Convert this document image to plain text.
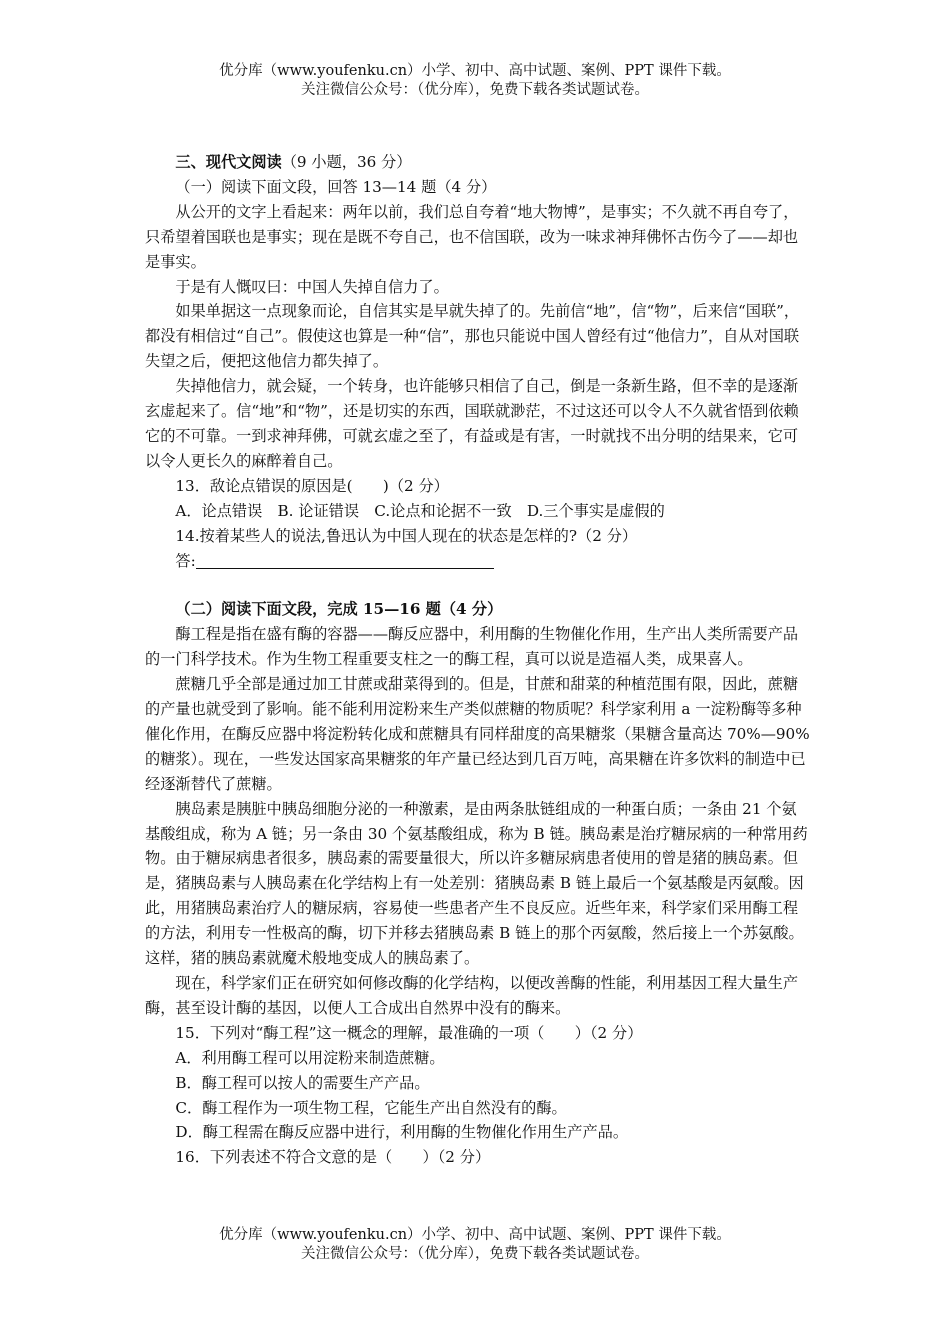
优分库（www.youfenku.cn）小学、初中、高中试题、案例、PPT 课件下载。
关注微信公众号：（优分库），免费下载各类试题试卷。

三、现代文阅读（9 小题，36 分）

（一）阅读下面文段，回答 13—14 题（4 分）

从公开的文字上看起来：两年以前，我们总自夸着“地大物博”，是事实；不久就不再自夸了，只希望着国联也是事实；现在是既不夸自己，也不信国联，改为一味求神拜佛怀古伤今了——却也是事实。

于是有人慨叹曰：中国人失掉自信力了。

如果单据这一点现象而论，自信其实是早就失掉了的。先前信“地”，信“物”，后来信“国联”，都没有相信过“自己”。假使这也算是一种“信”，那也只能说中国人曾经有过“他信力”，自从对国联失望之后，便把这他信力都失掉了。

失掉他信力，就会疑，一个转身，也许能够只相信了自己，倒是一条新生路，但不幸的是逐渐玄虚起来了。信“地”和“物”，还是切实的东西，国联就渺茫，不过这还可以令人不久就省悟到依赖它的不可靠。一到求神拜佛，可就玄虚之至了，有益或是有害，一时就找不出分明的结果来，它可以令人更长久的麻醉着自己。

13．敌论点错误的原因是(　　)（2 分）

A．论点错误　B. 论证错误　C.论点和论据不一致　D.三个事实是虚假的

14.按着某些人的说法,鲁迅认为中国人现在的状态是怎样的?（2 分）

答:

（二）阅读下面文段，完成 15—16 题（4 分）

酶工程是指在盛有酶的容器——酶反应器中，利用酶的生物催化作用，生产出人类所需要产品的一门科学技术。作为生物工程重要支柱之一的酶工程，真可以说是造福人类，成果喜人。

蔗糖几乎全部是通过加工甘蔗或甜菜得到的。但是，甘蔗和甜菜的种植范围有限，因此，蔗糖的产量也就受到了影响。能不能利用淀粉来生产类似蔗糖的物质呢？科学家利用 a 一淀粉酶等多种催化作用，在酶反应器中将淀粉转化成和蔗糖具有同样甜度的高果糖浆（果糖含量高达 70%—90%的糖浆）。现在，一些发达国家高果糖浆的年产量已经达到几百万吨，高果糖在许多饮料的制造中已经逐渐替代了蔗糖。

胰岛素是胰脏中胰岛细胞分泌的一种激素，是由两条肽链组成的一种蛋白质；一条由 21 个氨基酸组成，称为 A 链；另一条由 30 个氨基酸组成，称为 B 链。胰岛素是治疗糖尿病的一种常用药物。由于糖尿病患者很多，胰岛素的需要量很大，所以许多糖尿病患者使用的曾是猪的胰岛素。但是，猪胰岛素与人胰岛素在化学结构上有一处差别：猪胰岛素 B 链上最后一个氨基酸是丙氨酸。因此，用猪胰岛素治疗人的糖尿病，容易使一些患者产生不良反应。近些年来，科学家们采用酶工程的方法，利用专一性极高的酶，切下并移去猪胰岛素 B 链上的那个丙氨酸，然后接上一个苏氨酸。这样，猪的胰岛素就魔术般地变成人的胰岛素了。

现在，科学家们正在研究如何修改酶的化学结构，以便改善酶的性能，利用基因工程大量生产酶，甚至设计酶的基因，以便人工合成出自然界中没有的酶来。

15．下列对“酶工程”这一概念的理解，最准确的一项（　　）（2 分）

A．利用酶工程可以用淀粉来制造蔗糖。

B．酶工程可以按人的需要生产产品。

C．酶工程作为一项生物工程，它能生产出自然没有的酶。

D．酶工程需在酶反应器中进行，利用酶的生物催化作用生产产品。

16．下列表述不符合文意的是（　　）（2 分）

优分库（www.youfenku.cn）小学、初中、高中试题、案例、PPT 课件下载。
关注微信公众号：（优分库），免费下载各类试题试卷。
